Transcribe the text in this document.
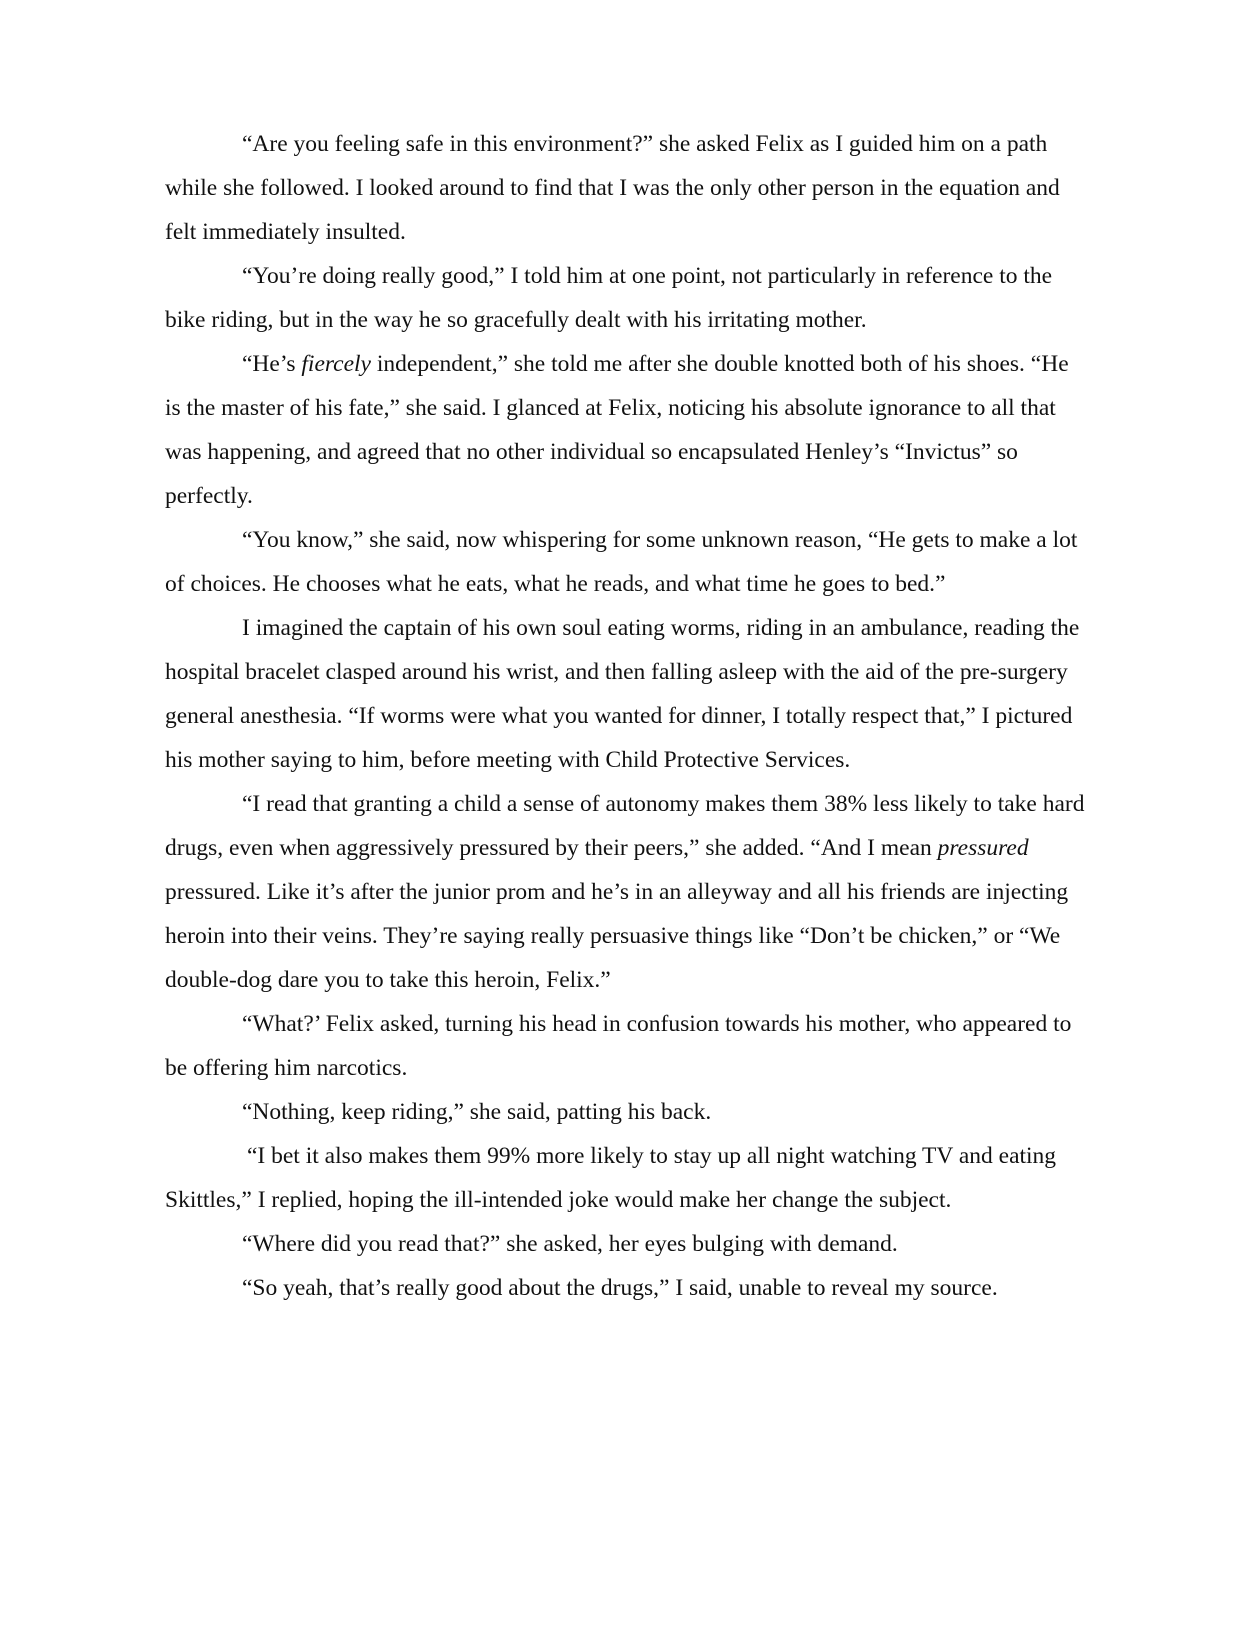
“Are you feeling safe in this environment?” she asked Felix as I guided him on a path while she followed. I looked around to find that I was the only other person in the equation and felt immediately insulted.

“You’re doing really good,” I told him at one point, not particularly in reference to the bike riding, but in the way he so gracefully dealt with his irritating mother.

“He’s fiercely independent,” she told me after she double knotted both of his shoes. “He is the master of his fate,” she said. I glanced at Felix, noticing his absolute ignorance to all that was happening, and agreed that no other individual so encapsulated Henley’s “Invictus” so perfectly.

“You know,” she said, now whispering for some unknown reason, “He gets to make a lot of choices. He chooses what he eats, what he reads, and what time he goes to bed.”

I imagined the captain of his own soul eating worms, riding in an ambulance, reading the hospital bracelet clasped around his wrist, and then falling asleep with the aid of the pre-surgery general anesthesia. “If worms were what you wanted for dinner, I totally respect that,” I pictured his mother saying to him, before meeting with Child Protective Services.

“I read that granting a child a sense of autonomy makes them 38% less likely to take hard drugs, even when aggressively pressured by their peers,” she added. “And I mean pressured pressured. Like it’s after the junior prom and he’s in an alleyway and all his friends are injecting heroin into their veins. They’re saying really persuasive things like “Don’t be chicken,” or “We double-dog dare you to take this heroin, Felix.”

“What?’ Felix asked, turning his head in confusion towards his mother, who appeared to be offering him narcotics.

“Nothing, keep riding,” she said, patting his back.

“I bet it also makes them 99% more likely to stay up all night watching TV and eating Skittles,” I replied, hoping the ill-intended joke would make her change the subject.

“Where did you read that?” she asked, her eyes bulging with demand.

“So yeah, that’s really good about the drugs,” I said, unable to reveal my source.
